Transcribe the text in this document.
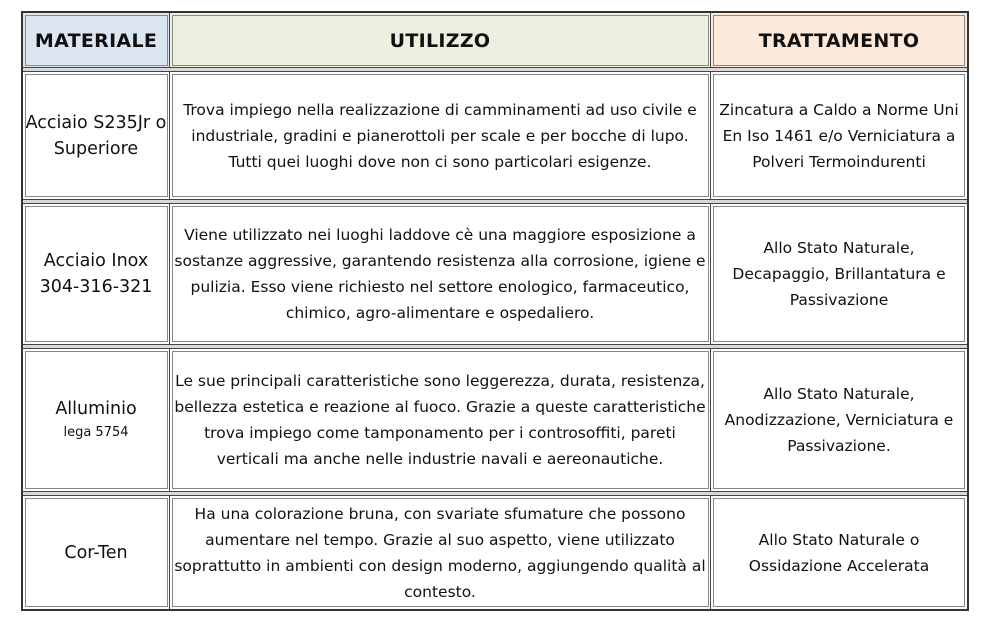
MATERIALE	UTILIZZO	TRATTAMENTO
Acciaio S235Jr o Superiore
Trova impiego nella realizzazione di camminamenti ad uso civile e industriale, gradini e pianerottoli per scale e per bocche di lupo. Tutti quei luoghi dove non ci sono particolari esigenze.
Zincatura a Caldo a Norme Uni En Iso 1461 e/o Verniciatura a Polveri Termoindurenti
Acciaio Inox 304-316-321
Viene utilizzato nei luoghi laddove cè una maggiore esposizione a sostanze aggressive, garantendo resistenza alla corrosione, igiene e pulizia. Esso viene richiesto nel settore enologico, farmaceutico, chimico, agro-alimentare e ospedaliero.
Allo Stato Naturale, Decapaggio, Brillantatura e Passivazione
Alluminio
lega 5754
Le sue principali caratteristiche sono leggerezza, durata, resistenza, bellezza estetica e reazione al fuoco. Grazie a queste caratteristiche trova impiego come tamponamento per i controsoffiti, pareti verticali ma anche nelle industrie navali e aereonautiche.
Allo Stato Naturale, Anodizzazione, Verniciatura e Passivazione.
Cor-Ten
Ha una colorazione bruna, con svariate sfumature che possono aumentare nel tempo. Grazie al suo aspetto, viene utilizzato soprattutto in ambienti con design moderno, aggiungendo qualità al contesto.
Allo Stato Naturale o Ossidazione Accelerata
